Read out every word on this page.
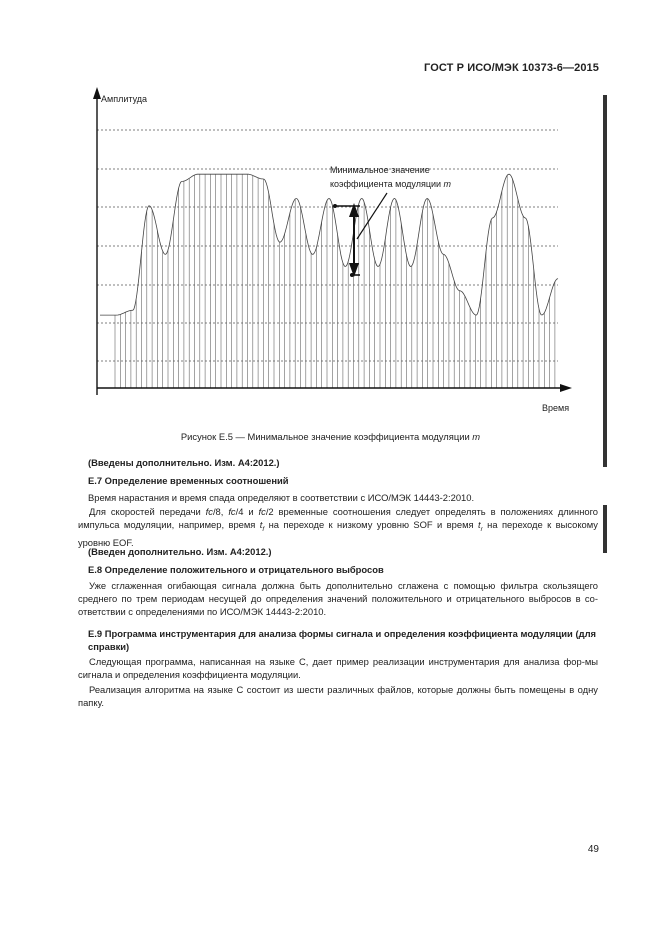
ГОСТ Р ИСО/МЭК 10373-6—2015
Амплитуда
Время
Минимальное значение
коэффициента модуляции m
Рисунок Е.5 — Минимальное значение коэффициента модуляции m
(Введены дополнительно. Изм. А4:2012.)
Е.7 Определение временных соотношений
Время нарастания и время спада определяют в соответствии с ИСО/МЭК 14443-2:2010.
Для скоростей передачи fc/8, fc/4 и fc/2 временные соотношения следует определять в положениях длинного импульса модуляции, например, время $t_f$ на переходе к низкому уровню SOF и время $t_r$ на переходе к высокому уровню EOF.
(Введен дополнительно. Изм. А4:2012.)
Е.8 Определение положительного и отрицательного выбросов
Уже сглаженная огибающая сигнала должна быть дополнительно сглажена с помощью фильтра скользящего среднего по трем периодам несущей до определения значений положительного и отрицательного выбросов в со-ответствии с определениями по ИСО/МЭК 14443-2:2010.
Е.9 Программа инструментария для анализа формы сигнала и определения коэффициента модуляции (для справки)
Следующая программа, написанная на языке С, дает пример реализации инструментария для анализа фор-мы сигнала и определения коэффициента модуляции.
Реализация алгоритма на языке С состоит из шести различных файлов, которые должны быть помещены в одну папку.
49
